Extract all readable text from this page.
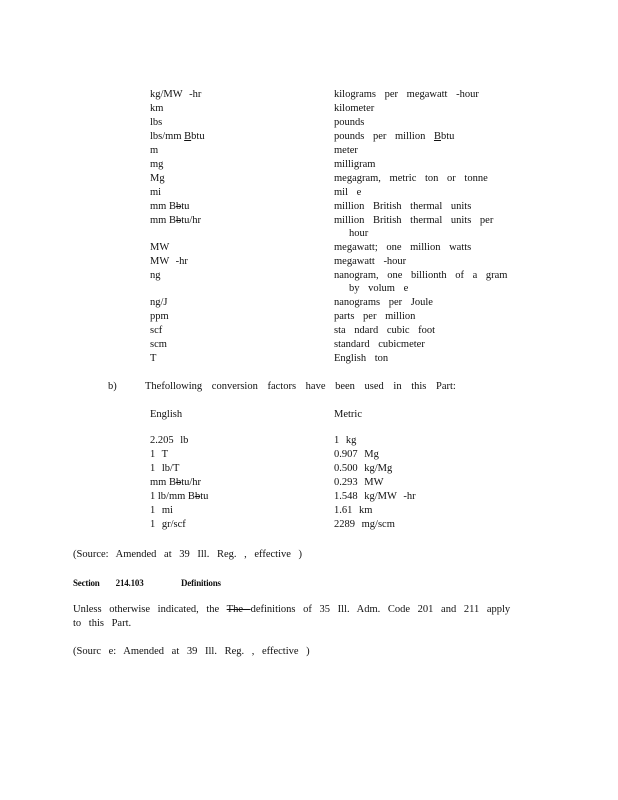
kg/MW -hr	kilograms per megawatt -hour
km	kilometer
lbs	pounds
lbs/mm Bbtu	pounds per million Bbtu
m	meter
mg	milligram
Mg	megagram, metric ton or tonne
mi	mil e
mm Bbtu	million British thermal units
mm Bbtu/hr	million British thermal units per
hour
MW	megawatt; one million watts
MW -hr	megawatt -hour
ng	nanogram, one billionth of a gram
by volum e
ng/J	nanograms per Joule
ppm	parts per million
scf	sta ndard cubic foot
scm	standard cubicmeter
T	English ton
b)	Thefollowing conversion factors have been used in this Part:
English	Metric
2.205 lb	1 kg
1 T	0.907 Mg
1 lb/T	0.500 kg/Mg
mm Bbtu/hr	0.293 MW
1 lb/mm Bbtu	1.548 kg/MW -hr
1 mi	1.61 km
1 gr/scf	2289 mg/scm
(Source: Amended at 39 Ill. Reg. , effective )
Section 214.103	Definitions
Unless otherwise indicated, the The definitions of 35 Ill. Adm. Code 201 and 211 apply to this Part.
(Sourc e: Amended at 39 Ill. Reg. , effective )
